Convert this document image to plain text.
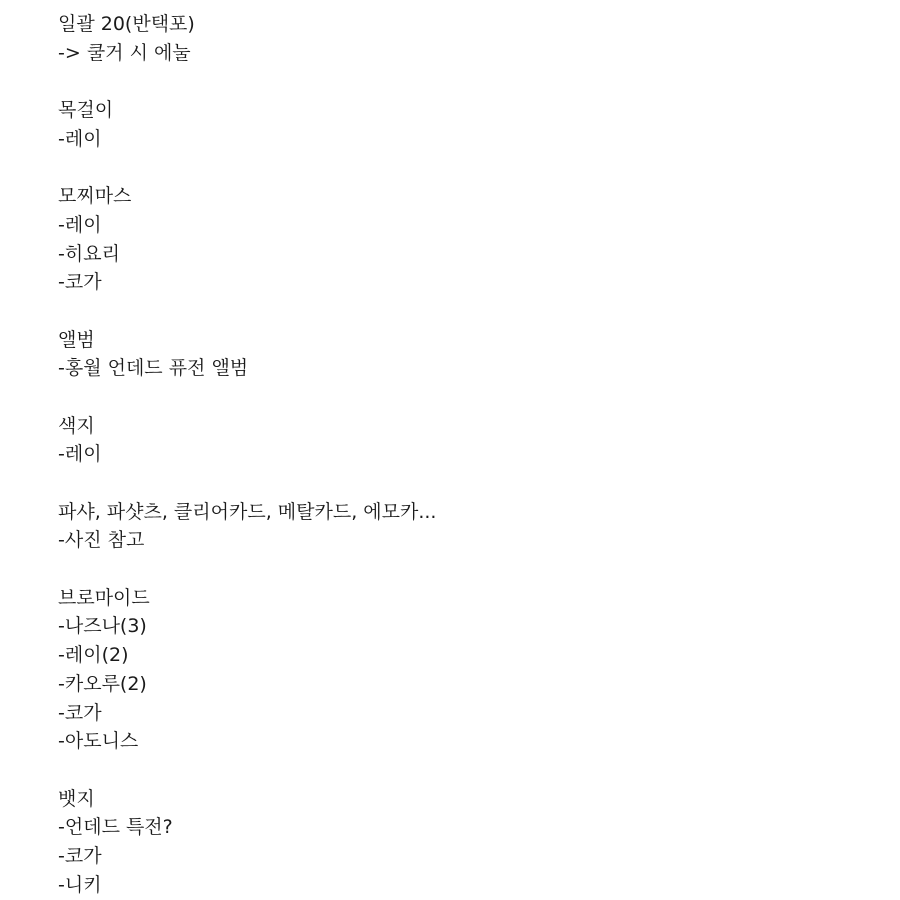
일괄 20(반택포)
-> 쿨거 시 에눌
목걸이
-레이
모찌마스
-레이
-히요리
-코가
앨범
-홍월 언데드 퓨전 앨범
색지
-레이
파샤, 파샷츠, 클리어카드, 메탈카드, 에모카...
-사진 참고
브로마이드
-나즈나(3)
-레이(2)
-카오루(2)
-코가
-아도니스
뱃지
-언데드 특전?
-코가
-니키
